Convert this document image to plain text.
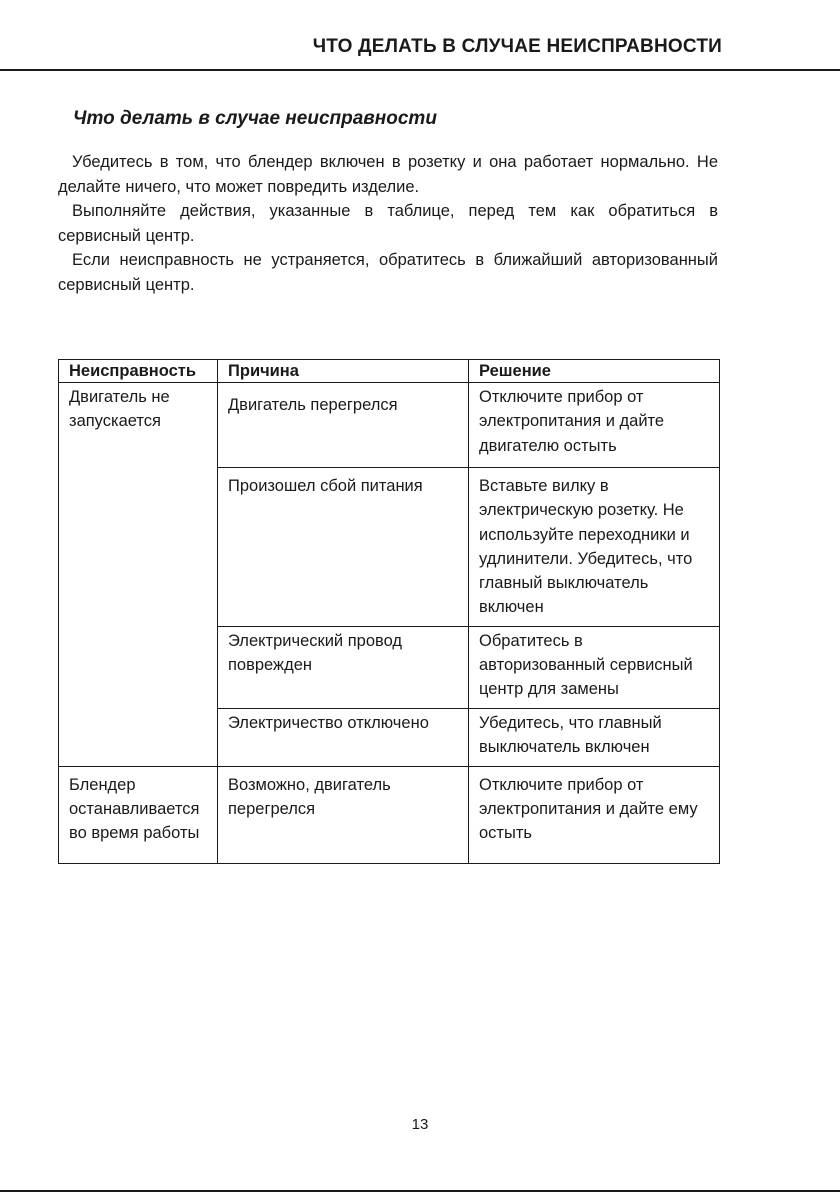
ЧТО ДЕЛАТЬ В СЛУЧАЕ НЕИСПРАВНОСТИ
Что делать в случае неисправности

Убедитесь в том, что блендер включен в розетку и она работает нормально. Не делайте ничего, что может повредить изделие.

Выполняйте действия, указанные в таблице, перед тем как обратиться в сервисный центр.

Если неисправность не устраняется, обратитесь в ближайший авторизованный сервисный центр.

Неисправность	Причина	Решение
Двигатель не запускается	Двигатель перегрелся	Отключите прибор от электропитания и дайте двигателю остыть
	Произошел сбой питания	Вставьте вилку в электрическую розетку. Не используйте переходники и удлинители. Убедитесь, что главный выключатель включен
	Электрический провод поврежден	Обратитесь в авторизованный сервисный центр для замены
	Электричество отключено	Убедитесь, что главный выключатель включен
Блендер останавливается во время работы	Возможно, двигатель перегрелся	Отключите прибор от электропитания и дайте ему остыть
13
